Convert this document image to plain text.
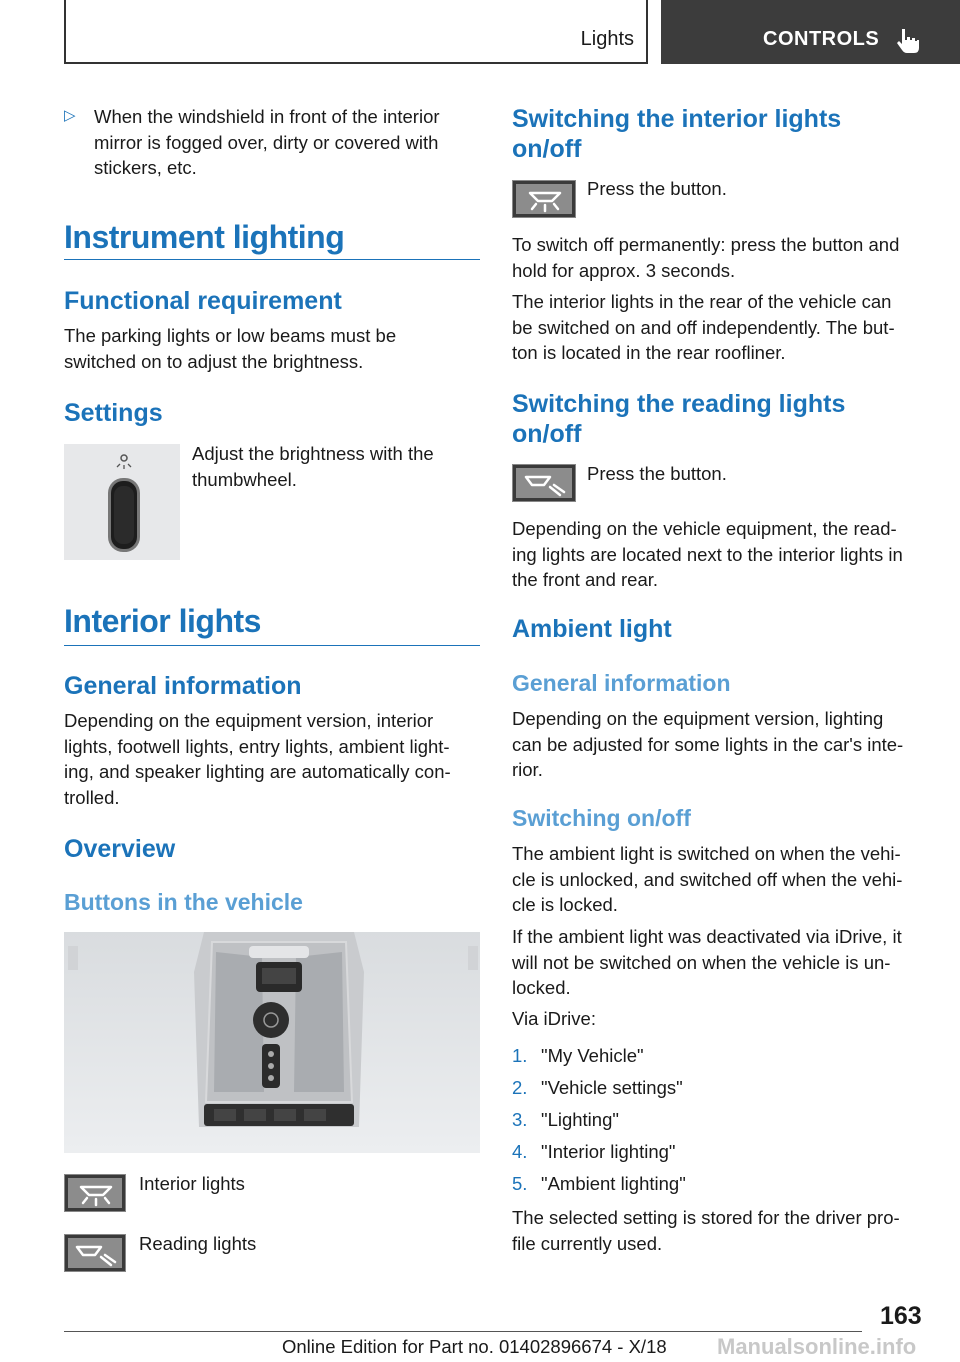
Lights	CONTROLS
▷ When the windshield in front of the interior

mirror is fogged over, dirty or covered with

stickers, etc.

Instrument lighting
Functional requirement

The parking lights or low beams must be

switched on to adjust the brightness.

Settings

Adjust the brightness with the

thumbwheel.

Interior lights
General information

Depending on the equipment version, interior

lights, footwell lights, entry lights, ambient light‐

ing, and speaker lighting are automatically con‐

trolled.

Overview
Buttons in the vehicle
Interior lights
Reading lights
Switching the interior lights
on/off
Press the button.

To switch off permanently: press the button and

hold for approx. 3 seconds.

The interior lights in the rear of the vehicle can

be switched on and off independently. The but‐

ton is located in the rear roofliner.

Switching the reading lights
on/off
Press the button.

Depending on the vehicle equipment, the read‐

ing lights are located next to the interior lights in

the front and rear.

Ambient light
General information

Depending on the equipment version, lighting

can be adjusted for some lights in the car's inte‐

rior.

Switching on/off

The ambient light is switched on when the vehi‐

cle is unlocked, and switched off when the vehi‐

cle is locked.

If the ambient light was deactivated via iDrive, it

will not be switched on when the vehicle is un‐

locked.

Via iDrive:
1. "My Vehicle"
2. "Vehicle settings"
3. "Lighting"
4. "Interior lighting"
5. "Ambient lighting"

The selected setting is stored for the driver pro‐

file currently used.

163
Online Edition for Part no. 01402896674 - X/18 Manualsonline.info
